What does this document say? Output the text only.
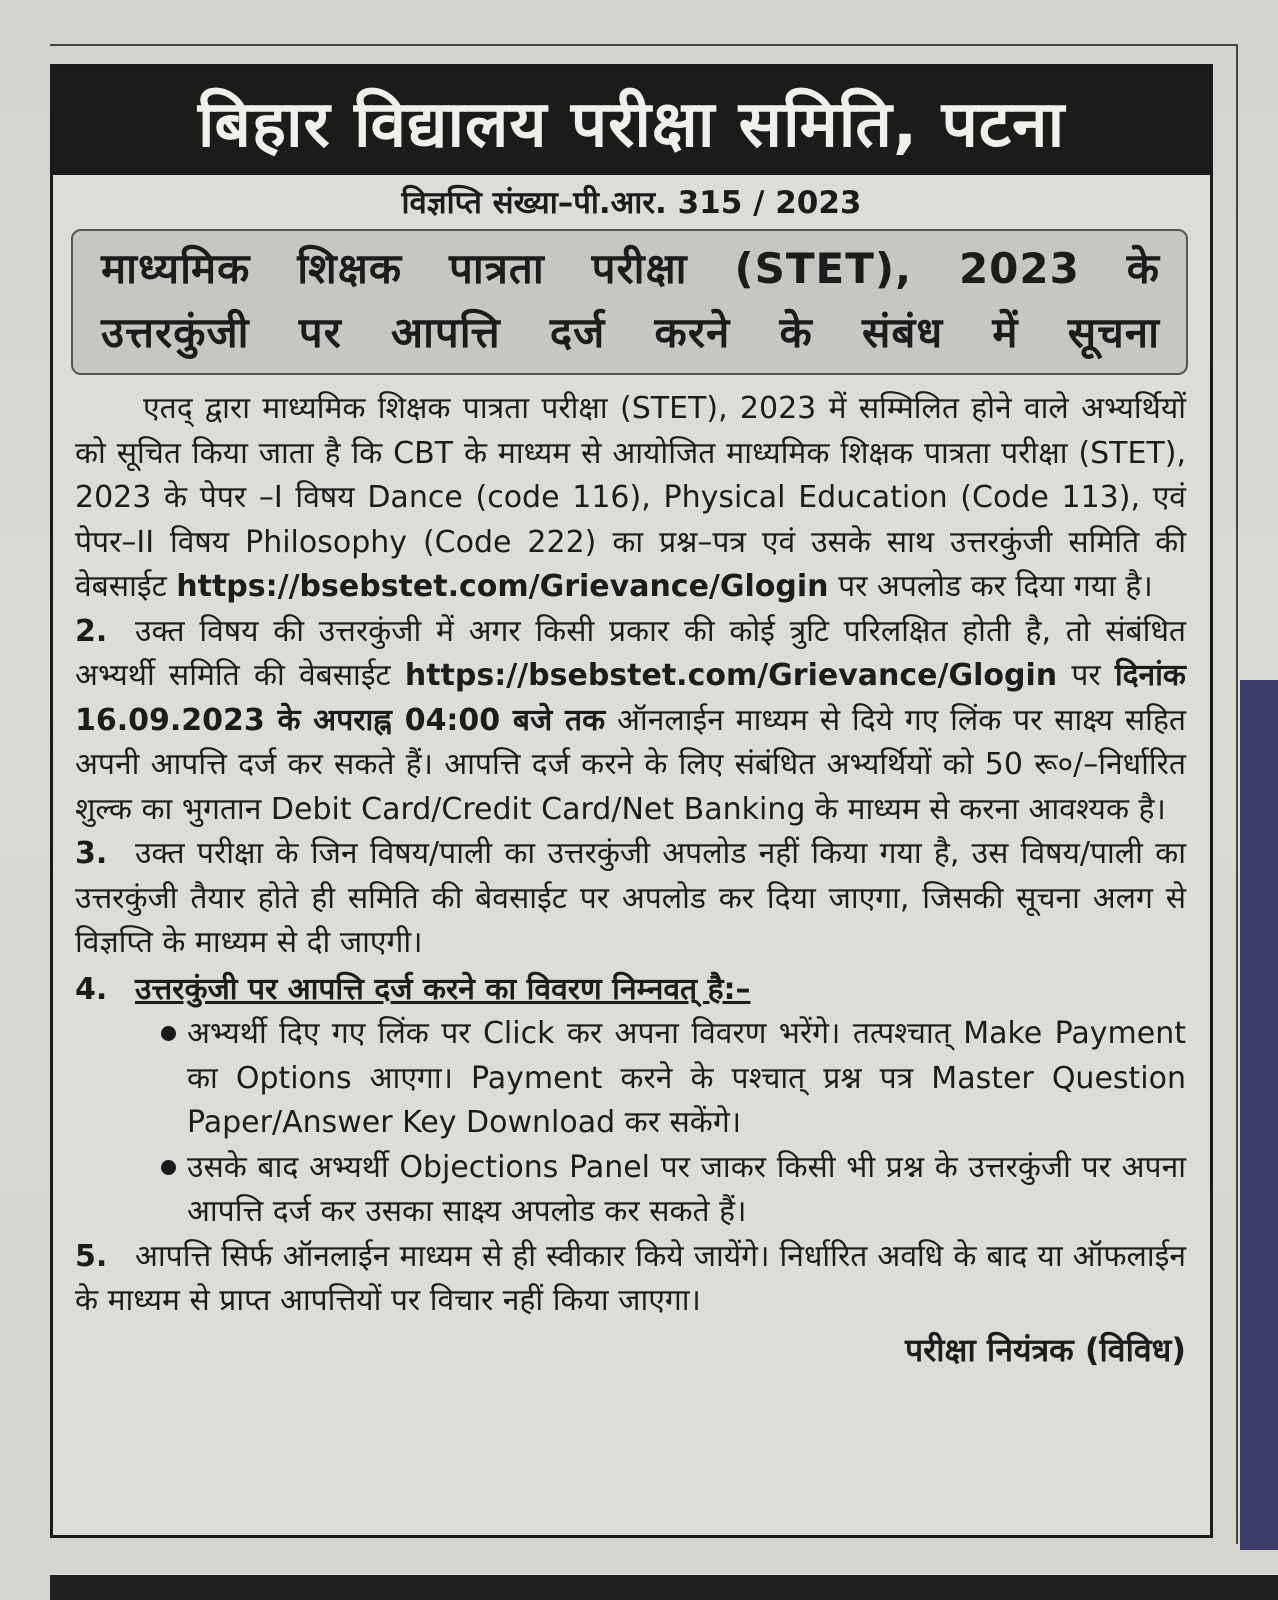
बिहार विद्यालय परीक्षा समिति, पटना
विज्ञप्ति संख्या–पी.आर. 315 / 2023

माध्यमिक शिक्षक पात्रता परीक्षा (STET), 2023 के

उत्तरकुंजी पर आपत्ति दर्ज करने के संबंध में सूचना

एतद् द्वारा माध्यमिक शिक्षक पात्रता परीक्षा (STET), 2023 में सम्मिलित होने वाले अभ्यर्थियों को सूचित किया जाता है कि CBT के माध्यम से आयोजित माध्यमिक शिक्षक पात्रता परीक्षा (STET), 2023 के पेपर –I विषय Dance (code 116), Physical Education (Code 113), एवं पेपर–II विषय Philosophy (Code 222) का प्रश्न–पत्र एवं उसके साथ उत्तरकुंजी समिति की वेबसाईट https://bsebstet.com/Grievance/Glogin पर अपलोड कर दिया गया है।

2. उक्त विषय की उत्तरकुंजी में अगर किसी प्रकार की कोई त्रुटि परिलक्षित होती है, तो संबंधित अभ्यर्थी समिति की वेबसाईट https://bsebstet.com/Grievance/Glogin पर दिनांक 16.09.2023 के अपराह्न 04:00 बजे तक ऑनलाईन माध्यम से दिये गए लिंक पर साक्ष्य सहित अपनी आपत्ति दर्ज कर सकते हैं। आपत्ति दर्ज करने के लिए संबंधित अभ्यर्थियों को 50 रू०/–निर्धारित शुल्क का भुगतान Debit Card/Credit Card/Net Banking के माध्यम से करना आवश्यक है।

3. उक्त परीक्षा के जिन विषय/पाली का उत्तरकुंजी अपलोड नहीं किया गया है, उस विषय/पाली का उत्तरकुंजी तैयार होते ही समिति की बेवसाईट पर अपलोड कर दिया जाएगा, जिसकी सूचना अलग से विज्ञप्ति के माध्यम से दी जाएगी।

4. उत्तरकुंजी पर आपत्ति दर्ज करने का विवरण निम्नवत् है:–
अभ्यर्थी दिए गए लिंक पर Click कर अपना विवरण भरेंगे। तत्पश्चात् Make Payment का Options आएगा। Payment करने के पश्चात् प्रश्न पत्र Master Question Paper/Answer Key Download कर सकेंगे।
उसके बाद अभ्यर्थी Objections Panel पर जाकर किसी भी प्रश्न के उत्तरकुंजी पर अपना आपत्ति दर्ज कर उसका साक्ष्य अपलोड कर सकते हैं।

5. आपत्ति सिर्फ ऑनलाईन माध्यम से ही स्वीकार किये जायेंगे। निर्धारित अवधि के बाद या ऑफलाईन के माध्यम से प्राप्त आपत्तियों पर विचार नहीं किया जाएगा।

परीक्षा नियंत्रक (विविध)
